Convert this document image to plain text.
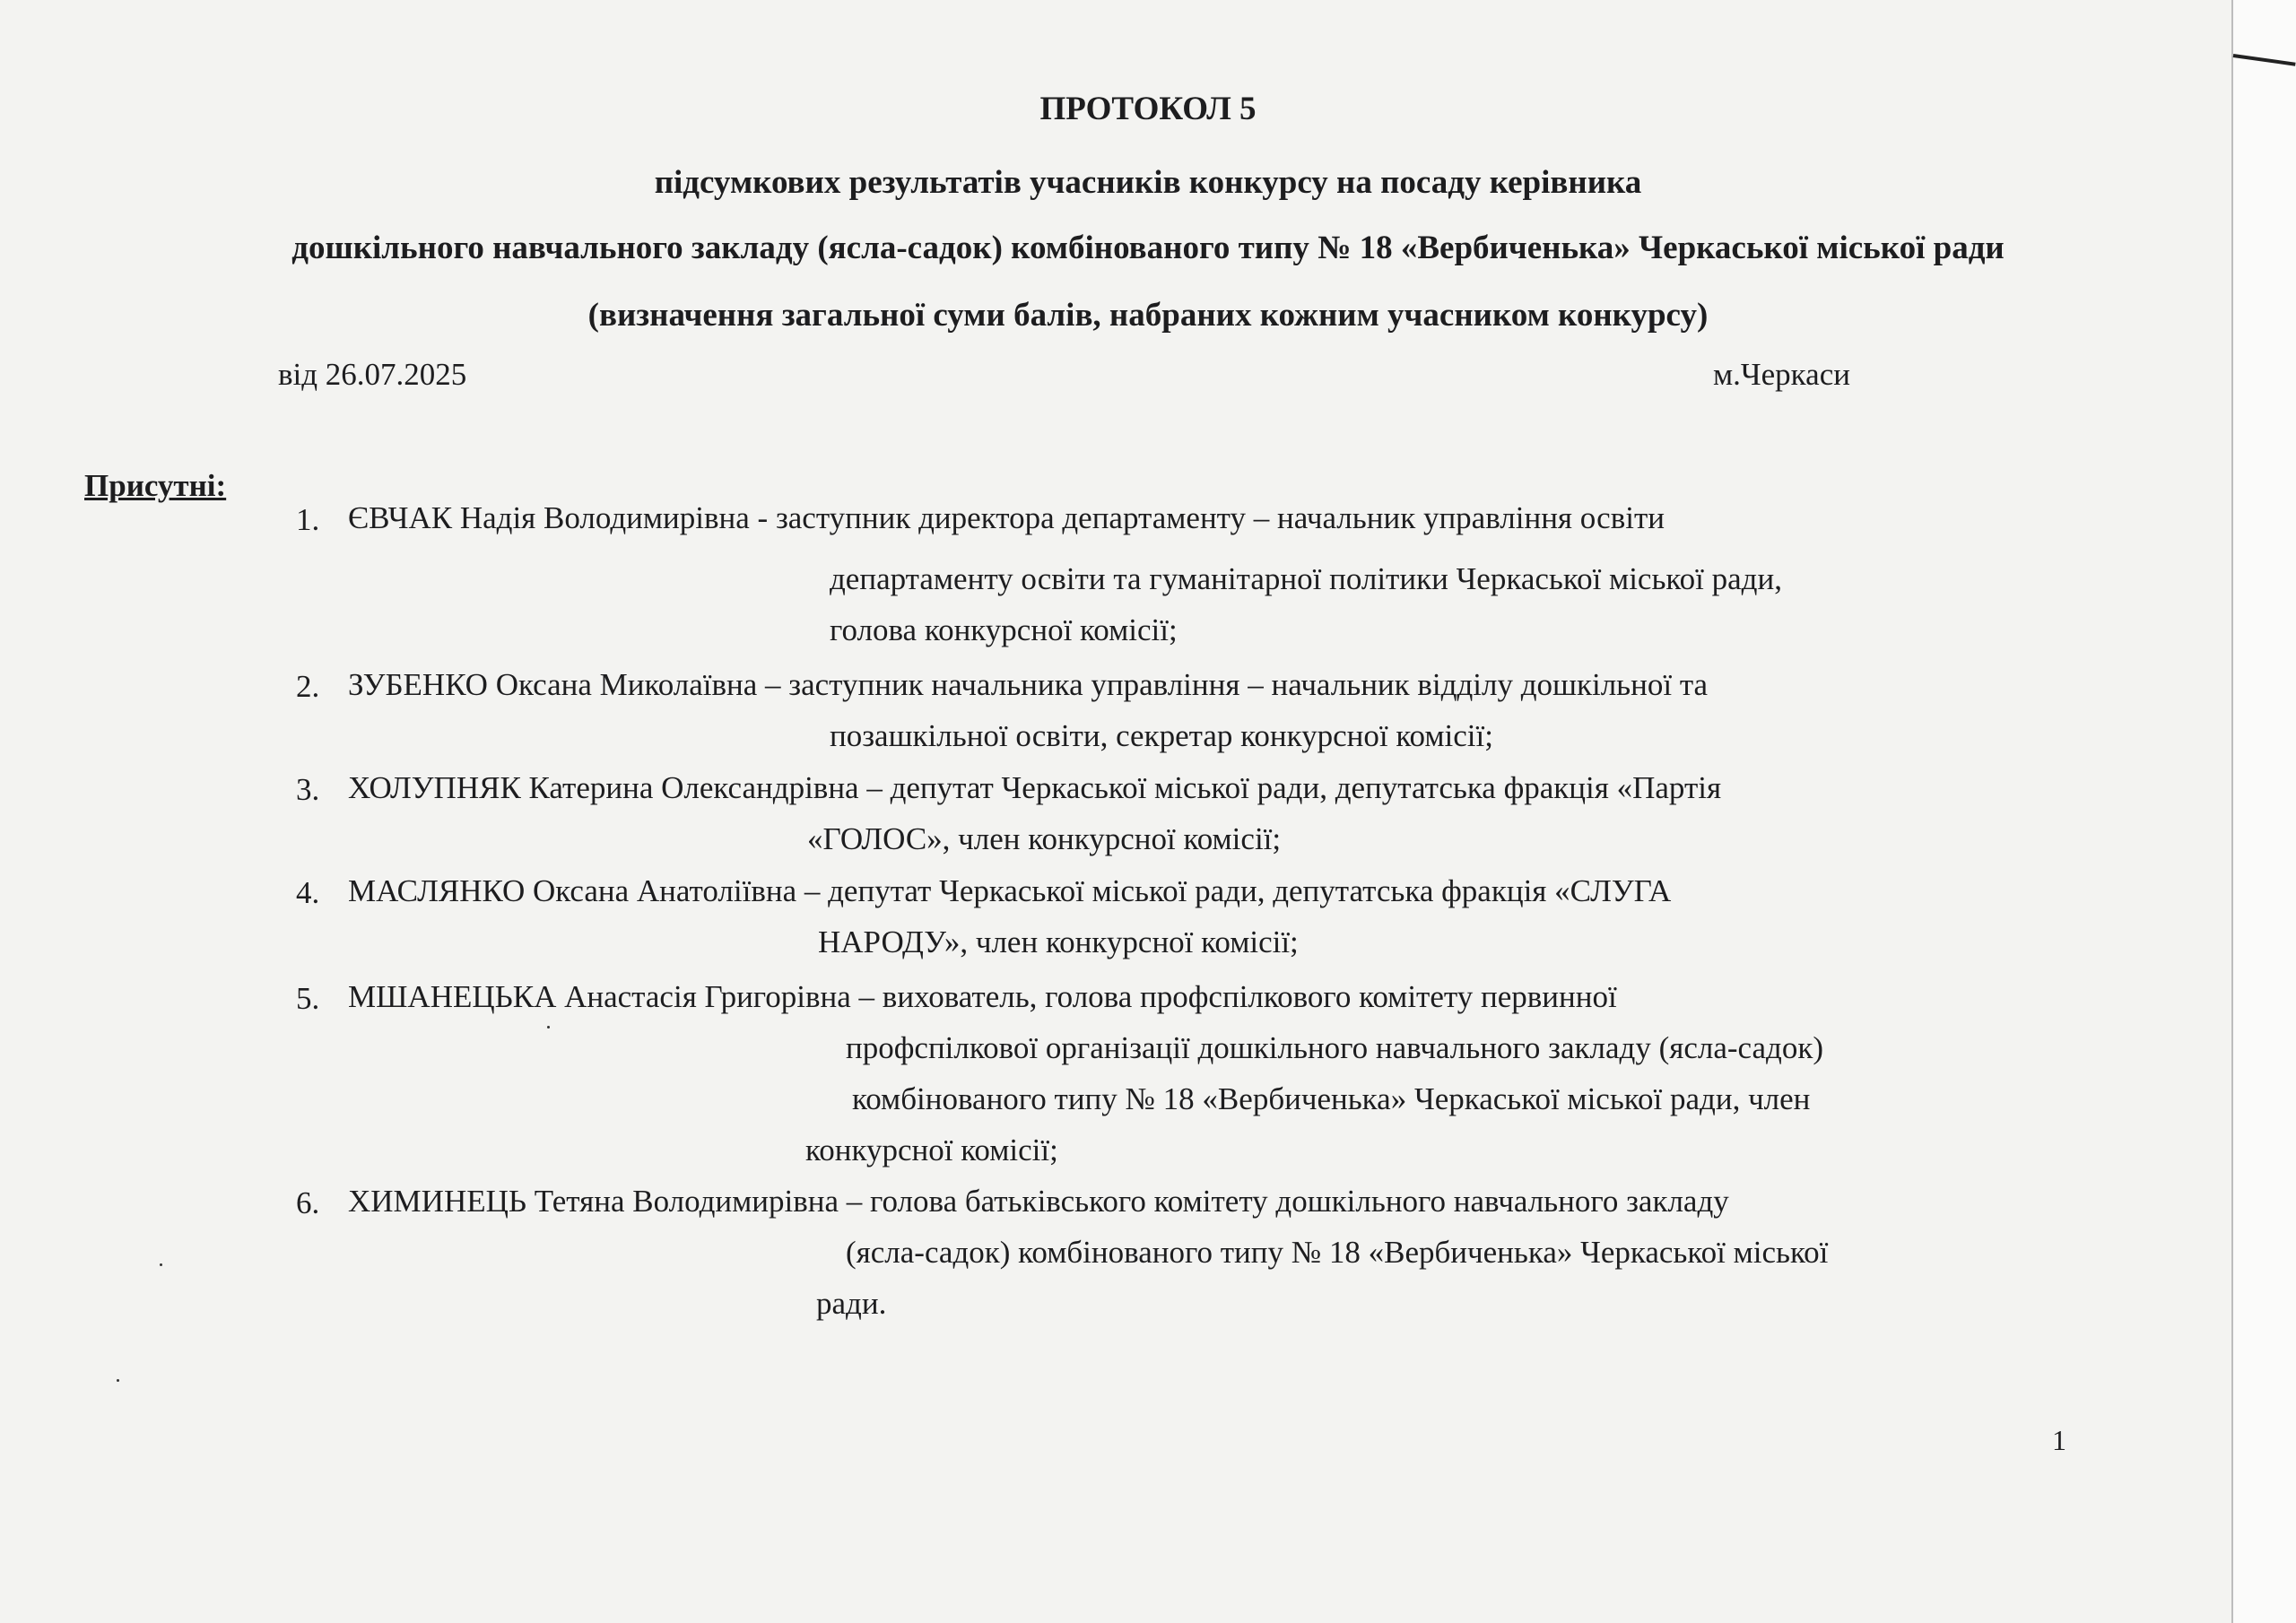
ПРОТОКОЛ 5
підсумкових результатів учасників конкурсу на посаду керівника
дошкільного навчального закладу (ясла-садок) комбінованого типу № 18 «Вербиченька» Черкаської міської ради
(визначення загальної суми балів, набраних кожним учасником конкурсу)
від 26.07.2025	м.Черкаси
Присутні:
1. ЄВЧАК Надія Володимирівна - заступник директора департаменту – начальник управління освіти
департаменту освіти та гуманітарної політики Черкаської міської ради,
голова конкурсної комісії;
2. ЗУБЕНКО Оксана Миколаївна – заступник начальника управління – начальник відділу дошкільної та
позашкільної освіти, секретар конкурсної комісії;
3. ХОЛУПНЯК Катерина Олександрівна – депутат Черкаської міської ради, депутатська фракція «Партія
«ГОЛОС», член конкурсної комісії;
4. МАСЛЯНКО Оксана Анатоліївна – депутат Черкаської міської ради, депутатська фракція «СЛУГА
НАРОДУ», член конкурсної комісії;
5. МШАНЕЦЬКА Анастасія Григорівна – вихователь, голова профспілкового комітету первинної
профспілкової організації дошкільного навчального закладу (ясла-садок)
комбінованого типу № 18 «Вербиченька» Черкаської міської ради, член
конкурсної комісії;
6. ХИМИНЕЦЬ Тетяна Володимирівна – голова батьківського комітету дошкільного навчального закладу
(ясла-садок) комбінованого типу № 18 «Вербиченька» Черкаської міської
ради.
1
